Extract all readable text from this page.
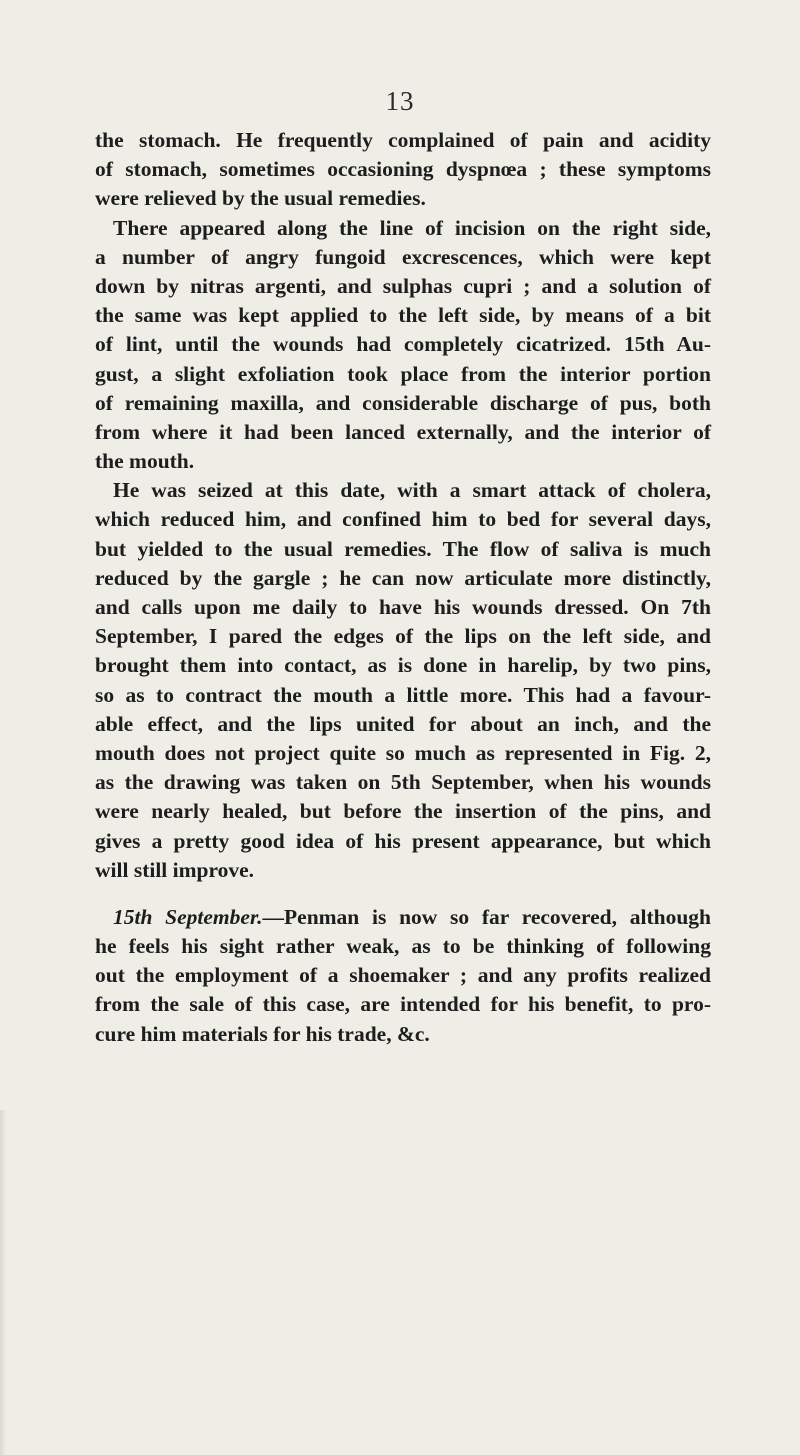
13
the stomach. He frequently complained of pain and acidity
of stomach, sometimes occasioning dyspnœa ; these symptoms
were relieved by the usual remedies.
There appeared along the line of incision on the right side,
a number of angry fungoid excrescences, which were kept
down by nitras argenti, and sulphas cupri ; and a solution of
the same was kept applied to the left side, by means of a bit
of lint, until the wounds had completely cicatrized. 15th Au-
gust, a slight exfoliation took place from the interior portion
of remaining maxilla, and considerable discharge of pus, both
from where it had been lanced externally, and the interior of
the mouth.
He was seized at this date, with a smart attack of cholera,
which reduced him, and confined him to bed for several days,
but yielded to the usual remedies. The flow of saliva is much
reduced by the gargle ; he can now articulate more distinctly,
and calls upon me daily to have his wounds dressed. On 7th
September, I pared the edges of the lips on the left side, and
brought them into contact, as is done in harelip, by two pins,
so as to contract the mouth a little more. This had a favour-
able effect, and the lips united for about an inch, and the
mouth does not project quite so much as represented in Fig. 2,
as the drawing was taken on 5th September, when his wounds
were nearly healed, but before the insertion of the pins, and
gives a pretty good idea of his present appearance, but which
will still improve.
15th September.—Penman is now so far recovered, although
he feels his sight rather weak, as to be thinking of following
out the employment of a shoemaker ; and any profits realized
from the sale of this case, are intended for his benefit, to pro-
cure him materials for his trade, &c.
